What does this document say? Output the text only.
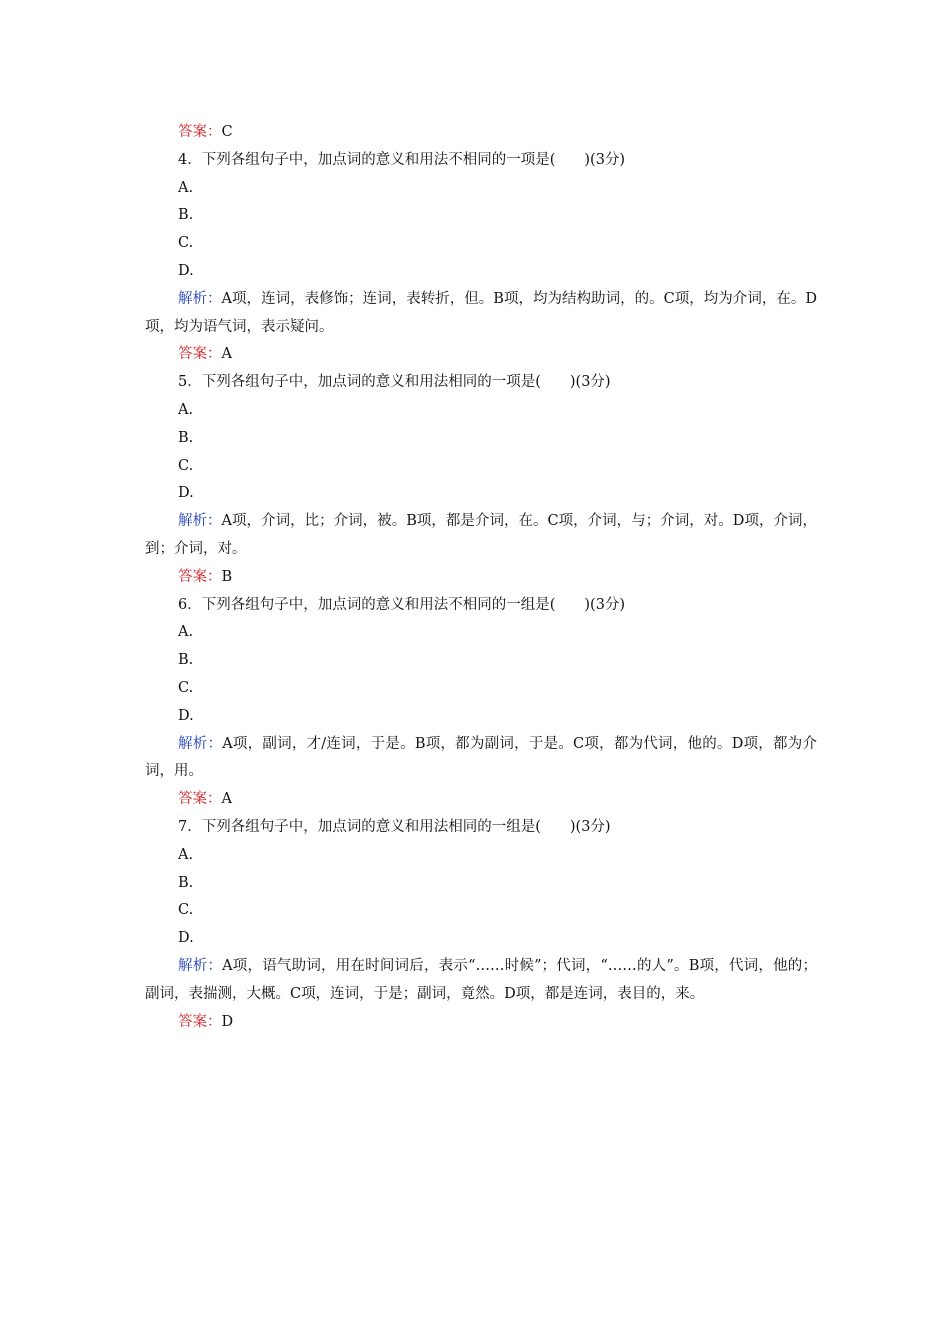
答案：C
4．下列各组句子中，加点词的意义和用法不相同的一项是(　　)(3分)
A.
B.
C.
D.
解析：A项，连词，表修饰；连词，表转折，但。B项，均为结构助词，的。C项，均为介词，在。D项，均为语气词，表示疑问。
答案：A
5．下列各组句子中，加点词的意义和用法相同的一项是(　　)(3分)
A.
B.
C.
D.
解析：A项，介词，比；介词，被。B项，都是介词，在。C项，介词，与；介词，对。D项，介词，到；介词，对。
答案：B
6．下列各组句子中，加点词的意义和用法不相同的一组是(　　)(3分)
A.
B.
C.
D.
解析：A项，副词，才/连词，于是。B项，都为副词，于是。C项，都为代词，他的。D项，都为介词，用。
答案：A
7．下列各组句子中，加点词的意义和用法相同的一组是(　　)(3分)
A.
B.
C.
D.
解析：A项，语气助词，用在时间词后，表示“……时候”；代词，“……的人”。B项，代词，他的；副词，表揣测，大概。C项，连词，于是；副词，竟然。D项，都是连词，表目的，来。
答案：D
